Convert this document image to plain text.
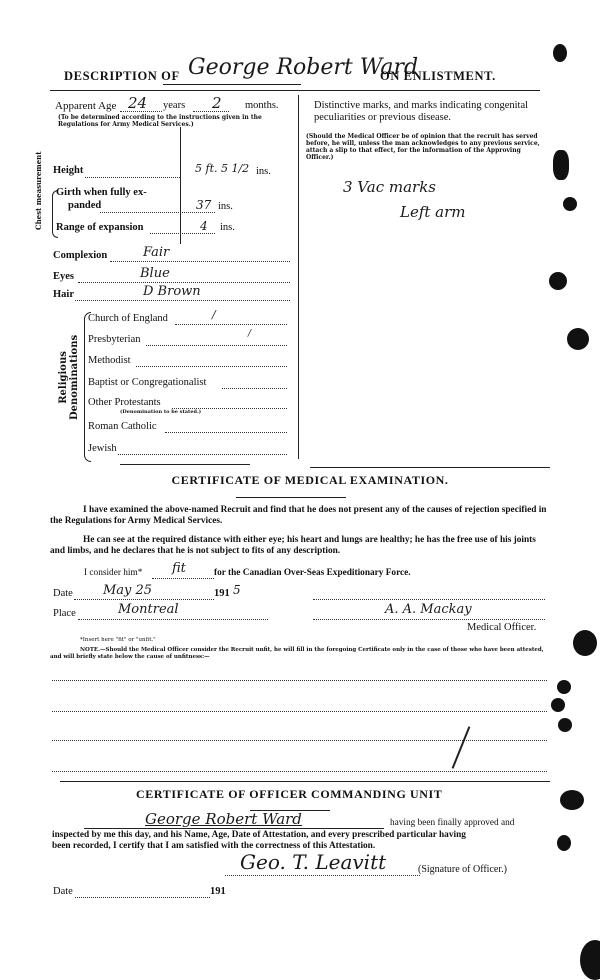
DESCRIPTION OF George Robert Ward
ON ENLISTMENT.
Apparent Age 24 years 2 months.
(To be determined according to the instructions given in the Regulations for Army Medical Services.)
Height	5 ft. 5 1/2 ins.
Chest measurement Girth when fully ex-
panded	37 ins.
Range of expansion	4 ins.
Complexion	Fair
Eyes	Blue
Hair	D Brown
Religious Denominations
Church of England	/
Presbyterian	/
Methodist
Baptist or Congregationalist
Other Protestants
(Denomination to be stated.)
Roman Catholic
Jewish
Distinctive marks, and marks indicating congenital peculiarities or previous disease.
(Should the Medical Officer be of opinion that the recruit has served before, he will, unless the man acknowledges to any previous service, attach a slip to that effect, for the information of the Approving Officer.)
3 Vac marks
Left arm
CERTIFICATE OF MEDICAL EXAMINATION.
I have examined the above-named Recruit and find that he does not present any of the causes of rejection specified in the Regulations for Army Medical Services.
He can see at the required distance with either eye; his heart and lungs are healthy; he has the free use of his joints and limbs, and he declares that he is not subject to fits of any description.
I consider him* fit	for the Canadian Over-Seas Expeditionary Force.
Date May 25	191 5
Place	Montreal	A. A. Mackay
Medical Officer.
*Insert here "fit" or "unfit."
NOTE.—Should the Medical Officer consider the Recruit unfit, he will fill in the foregoing Certificate only in the case of those who have been attested, and will briefly state below the cause of unfitness:—
CERTIFICATE OF OFFICER COMMANDING UNIT
George Robert Ward	having been finally approved and
inspected by me this day, and his Name, Age, Date of Attestation, and every prescribed particular having
been recorded, I certify that I am satisfied with the correctness of this Attestation.
Geo. T. Leavitt	(Signature of Officer.)
Date	191
